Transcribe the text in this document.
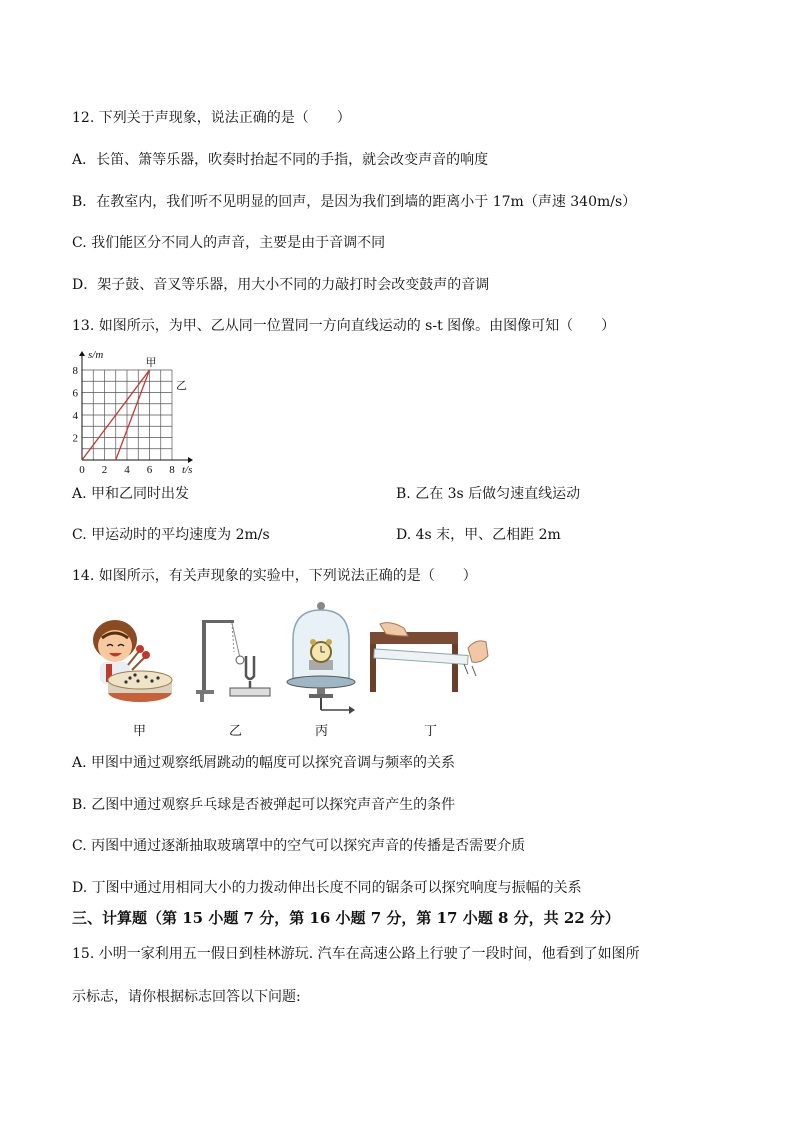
12. 下列关于声现象，说法正确的是（　　）
A．长笛、箫等乐器，吹奏时抬起不同的手指，就会改变声音的响度
B．在教室内，我们听不见明显的回声，是因为我们到墙的距离小于 17m（声速 340m/s）
C. 我们能区分不同人的声音，主要是由于音调不同
D．架子鼓、音叉等乐器，用大小不同的力敲打时会改变鼓声的音调
13. 如图所示，为甲、乙从同一位置同一方向直线运动的 s-t 图像。由图像可知（　　）
0 2 4 6 8
2
4
6
8
t/s
s/m
甲
乙
A. 甲和乙同时出发	B. 乙在 3s 后做匀速直线运动
C. 甲运动时的平均速度为 2m/s	D. 4s 末，甲、乙相距 2m
14. 如图所示，有关声现象的实验中，下列说法正确的是（　　）
甲	乙	丙	丁
A. 甲图中通过观察纸屑跳动的幅度可以探究音调与频率的关系
B. 乙图中通过观察乒乓球是否被弹起可以探究声音产生的条件
C. 丙图中通过逐渐抽取玻璃罩中的空气可以探究声音的传播是否需要介质
D. 丁图中通过用相同大小的力拨动伸出长度不同的锯条可以探究响度与振幅的关系
三、计算题（第 15 小题 7 分，第 16 小题 7 分，第 17 小题 8 分，共 22 分）
15. 小明一家利用五一假日到桂林游玩. 汽车在高速公路上行驶了一段时间，他看到了如图所
示标志，请你根据标志回答以下问题:
